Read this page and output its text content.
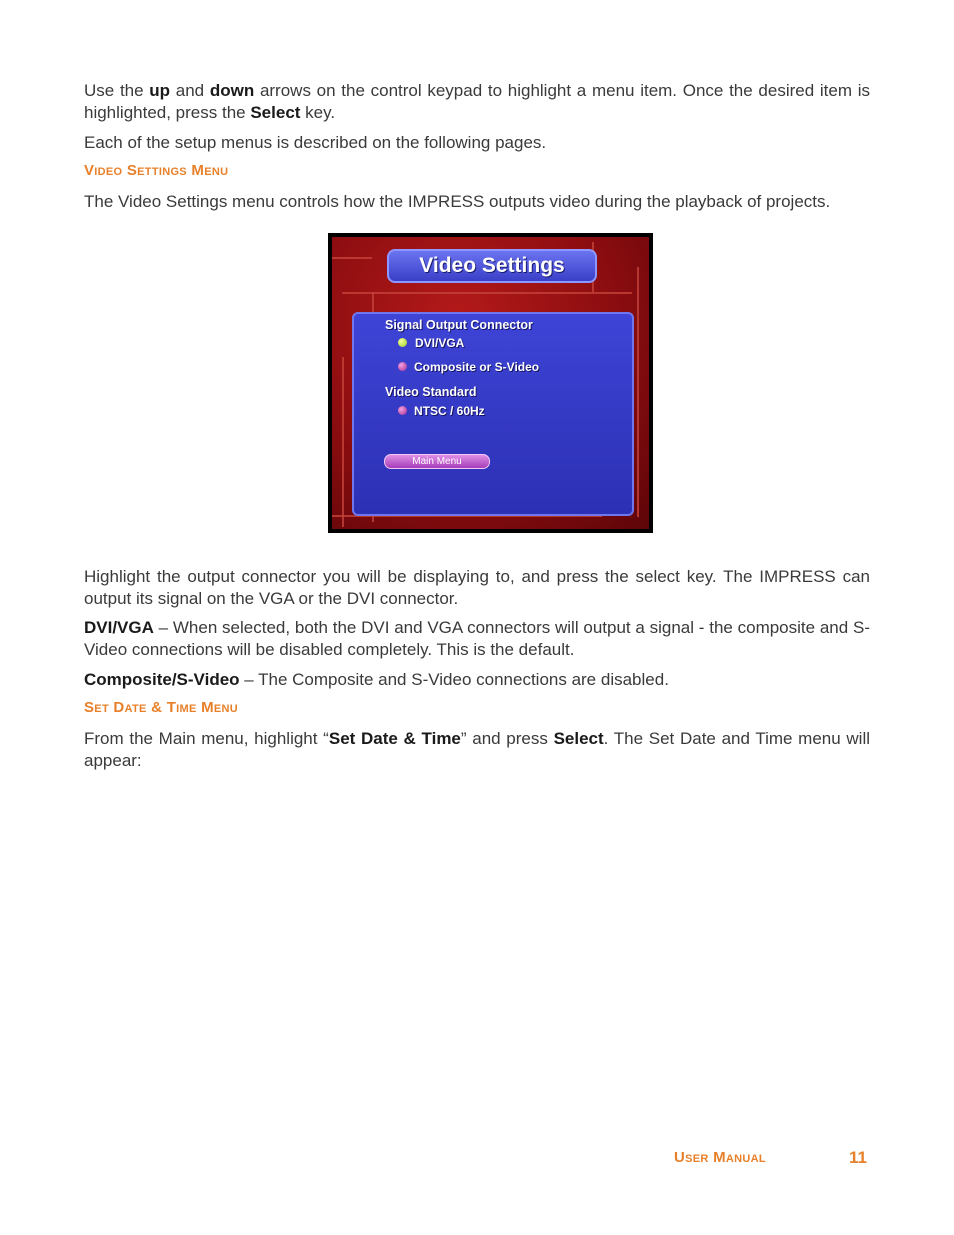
Use the up and down arrows on the control keypad to highlight a menu item. Once the desired item is highlighted, press the Select key.

Each of the setup menus is described on the following pages.

Video Settings Menu

The Video Settings menu controls how the IMPRESS outputs video during the playback of projects.

Video Settings
Signal Output Connector
DVI/VGA
Composite or S-Video
Video Standard
NTSC / 60Hz
Main Menu

Highlight the output connector you will be displaying to, and press the select key. The IMPRESS can output its signal on the VGA or the DVI connector.

DVI/VGA – When selected, both the DVI and VGA connectors will output a signal - the composite and S-Video connections will be disabled completely. This is the default.

Composite/S-Video – The Composite and S-Video connections are disabled.

Set Date & Time Menu

From the Main menu, highlight “Set Date & Time” and press Select. The Set Date and Time menu will appear:

User Manual	11
